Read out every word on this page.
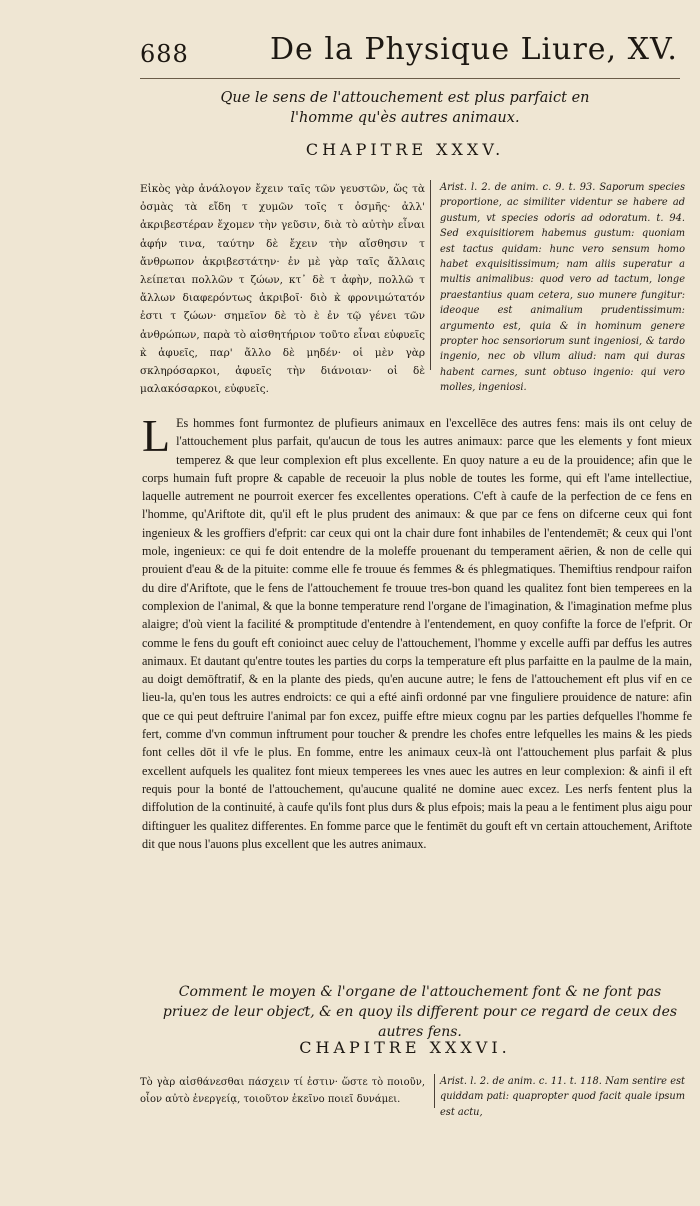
688	De la Physique Liure, XV.
Que le sens de l'attouchement est plus parfaict en l'homme qu'ès autres animaux.
CHAPITRE XXXV.
Εἰκὸς γὰρ ἀνάλογον ἔχειν ταῖς τῶν γευστῶν, ὥς τὰ ὀσμὰς τὰ εἴδη τ χυμῶν τοῖς τ ὀσμῆς· ἀλλ' ἀκριβεστέραν ἔχομεν τὴν γεῦσιν, διὰ τὸ αὐτὴν εἶναι ἁφήν τινα, ταύτην δὲ ἔχειν τὴν αἴσθησιν τ ἄνθρωπον ἀκριβεστάτην· ἐν μὲ γὰρ ταῖς ἄλλαις λείπεται πολλῶν τ ζώων, κτ᾽ δὲ τ ἀφὴν, πολλῶ τ ἄλλων διαφερόντως ἀκριβοῖ· διὸ κ̀ φρονιμώτατόν ἐστι τ ζώων· σημεῖον δὲ τὸ ὲ ἐν τῷ γένει τῶν ἀνθρώπων, παρὰ τὸ αἰσθητήριον τοῦτο εἶναι εὐφυεῖς κ̀ ἀφυεῖς, παρ' ἄλλο δὲ μηδέν· οἱ μὲν γὰρ σκληρόσαρκοι, ἀφυεῖς τὴν διάνοιαν· οἱ δὲ μαλακόσαρκοι, εὐφυεῖς.
Arist. l. 2. de anim. c. 9. t. 93. Saporum species proportione, ac similiter videntur se habere ad gustum, vt species odoris ad odoratum. t. 94. Sed exquisitiorem habemus gustum: quoniam est tactus quidam: hunc vero sensum homo habet exquisitissimum; nam aliis superatur a multis animalibus: quod vero ad tactum, longe praestantius quam cetera, suo munere fungitur: ideoque est animalium prudentissimum: argumento est, quia & in hominum genere propter hoc sensoriorum sunt ingeniosi, & tardo ingenio, nec ob vllum aliud: nam qui duras habent carnes, sunt obtuso ingenio: qui vero molles, ingeniosi.
L Es hommes font furmontez de plufieurs animaux en l'excellēce des autres fens: mais ils ont celuy de l'attouchement plus parfait, qu'aucun de tous les autres animaux: parce que les elements y font mieux temperez & que leur complexion eft plus excellente. En quoy nature a eu de la prouidence; afin que le corps humain fuft propre & capable de receuoir la plus noble de toutes les forme, qui eft l'ame intellectiue, laquelle autrement ne pourroit exercer fes excellentes operations. C'eft à caufe de la perfection de ce fens en l'homme, qu'Ariftote dit, qu'il eft le plus prudent des animaux: & que par ce fens on difcerne ceux qui font ingenieux & les groffiers d'efprit: car ceux qui ont la chair dure font inhabiles de l'entendemēt; & ceux qui l'ont mole, ingenieux: ce qui fe doit entendre de la moleffe prouenant du temperament aërien, & non de celle qui prouient d'eau & de la pituite: comme elle fe trouue és femmes & és phlegmatiques. Themiftius rendpour raifon du dire d'Ariftote, que le fens de l'attouchement fe trouue tres-bon quand les qualitez font bien temperees en la complexion de l'animal, & que la bonne temperature rend l'organe de l'imagination, & l'imagination mefme plus alaigre; d'où vient la facilité & promptitude d'entendre à l'entendement, en quoy confifte la force de l'efprit. Or comme le fens du gouft eft conioinct auec celuy de l'attouchement, l'homme y excelle auffi par deffus les autres animaux. Et dautant qu'entre toutes les parties du corps la temperature eft plus parfaitte en la paulme de la main, au doigt demōftratif, & en la plante des pieds, qu'en aucune autre; le fens de l'attouchement eft plus vif en ce lieu-la, qu'en tous les autres endroicts: ce qui a efté ainfi ordonné par vne finguliere prouidence de nature: afin que ce qui peut deftruire l'animal par fon excez, puiffe eftre mieux cognu par les parties defquelles l'homme fe fert, comme d'vn commun inftrument pour toucher & prendre les chofes entre lefquelles les mains & les pieds font celles dōt il vfe le plus. En fomme, entre les animaux ceux-là ont l'attouchement plus parfait & plus excellent aufquels les qualitez font mieux temperees les vnes auec les autres en leur complexion: & ainfi il eft requis pour la bonté de l'attouchement, qu'aucune qualité ne domine auec excez. Les nerfs fentent plus la diffolution de la continuité, à caufe qu'ils font plus durs & plus efpois; mais la peau a le fentiment plus aigu pour diftinguer les qualitez differentes. En fomme parce que le fentimēt du gouft eft vn certain attouchement, Ariftote dit que nous l'auons plus excellent que les autres animaux.

Comment le moyen & l'organe de l'attouchement font & ne font pas priuez de leur objeƈt, & en quoy ils different pour ce regard de ceux des autres fens.
CHAPITRE XXXVI.
Τὸ γὰρ αἰσθάνεσθαι πάσχειν τί ἐστιν· ὥστε τὸ ποιοῦν, οἷον αὐτὸ ἐνεργείᾳ, τοιοῦτον ἐκεῖνο ποιεῖ δυνάμει.
Arist. l. 2. de anim. c. 11. t. 118. Nam sentire est quiddam pati: quapropter quod facit quale ipsum est actu,
